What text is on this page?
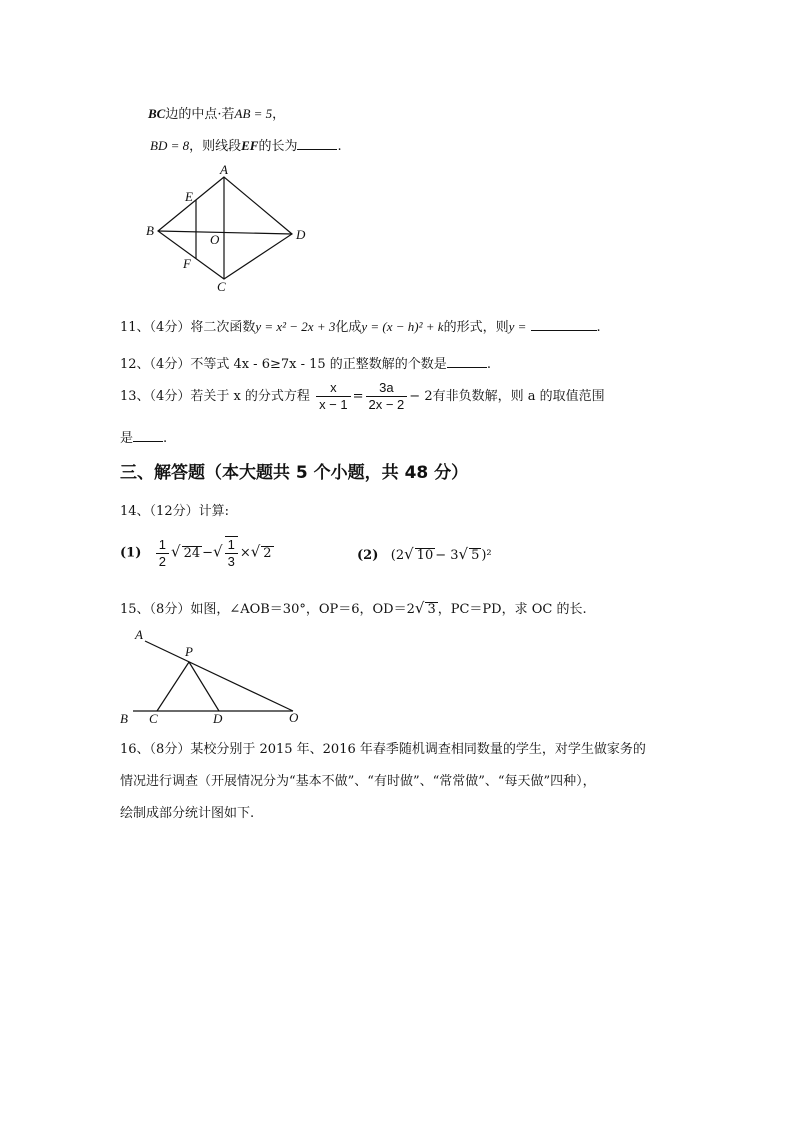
BC边的中点·若AB = 5，
BD = 8，则线段EF的长为	.
A
E
B
O	D
F
C
11、（4分）将二次函数y = x² − 2x + 3化成y = (x − h)² + k的形式，则y =	.
12、（4分）不等式 4x - 6≥7x - 15 的正整数解的个数是	.
13、（4分）若关于 x 的分式方程 $\frac{x}{x - 1} = \frac{3a}{2x - 2} - 2$有非负数解，则 a 的取值范围
是 .
三、解答题（本大题共 5 个小题，共 48 分）
14、（12分）计算:
$(1) \frac{1}{2}$ √ 24 −√ $\frac{1}{3}$ ×√ 2	(2) (2√ 10 − 3√ 5 )²
15、（8分）如图，∠AOB＝30°，OP＝6，OD＝2√ 3 ，PC＝PD，求 OC 的长.
A
P
B C	D	O
16、（8分）某校分别于 2015 年、2016 年春季随机调查相同数量的学生，对学生做家务的
情况进行调查（开展情况分为“基本不做”、“有时做”、“常常做”、“每天做”四种），
绘制成部分统计图如下.
